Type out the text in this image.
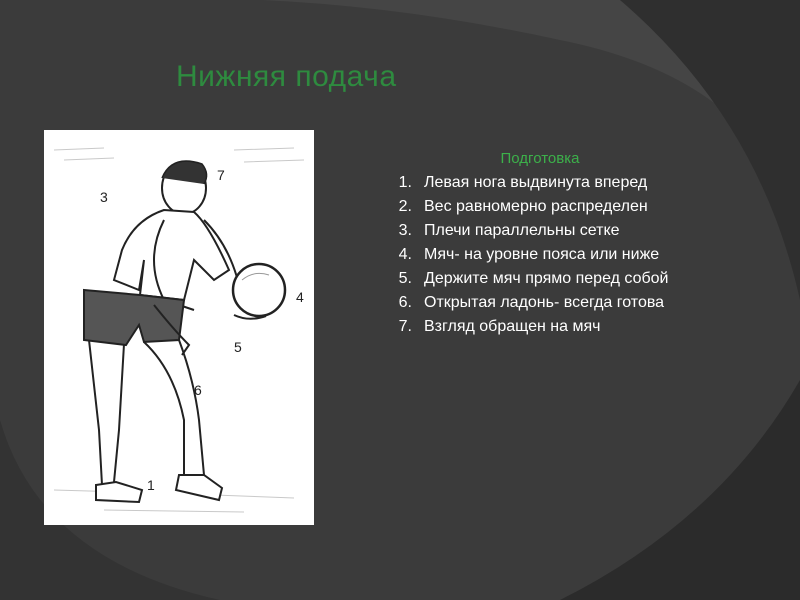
Нижняя подача
7
3
4
5
6
1
Подготовка
1. Левая нога выдвинута вперед
2. Вес равномерно распределен
3. Плечи параллельны сетке
4. Мяч- на уровне пояса или ниже
5. Держите мяч прямо перед собой
6. Открытая ладонь- всегда готова
7. Взгляд обращен на мяч
